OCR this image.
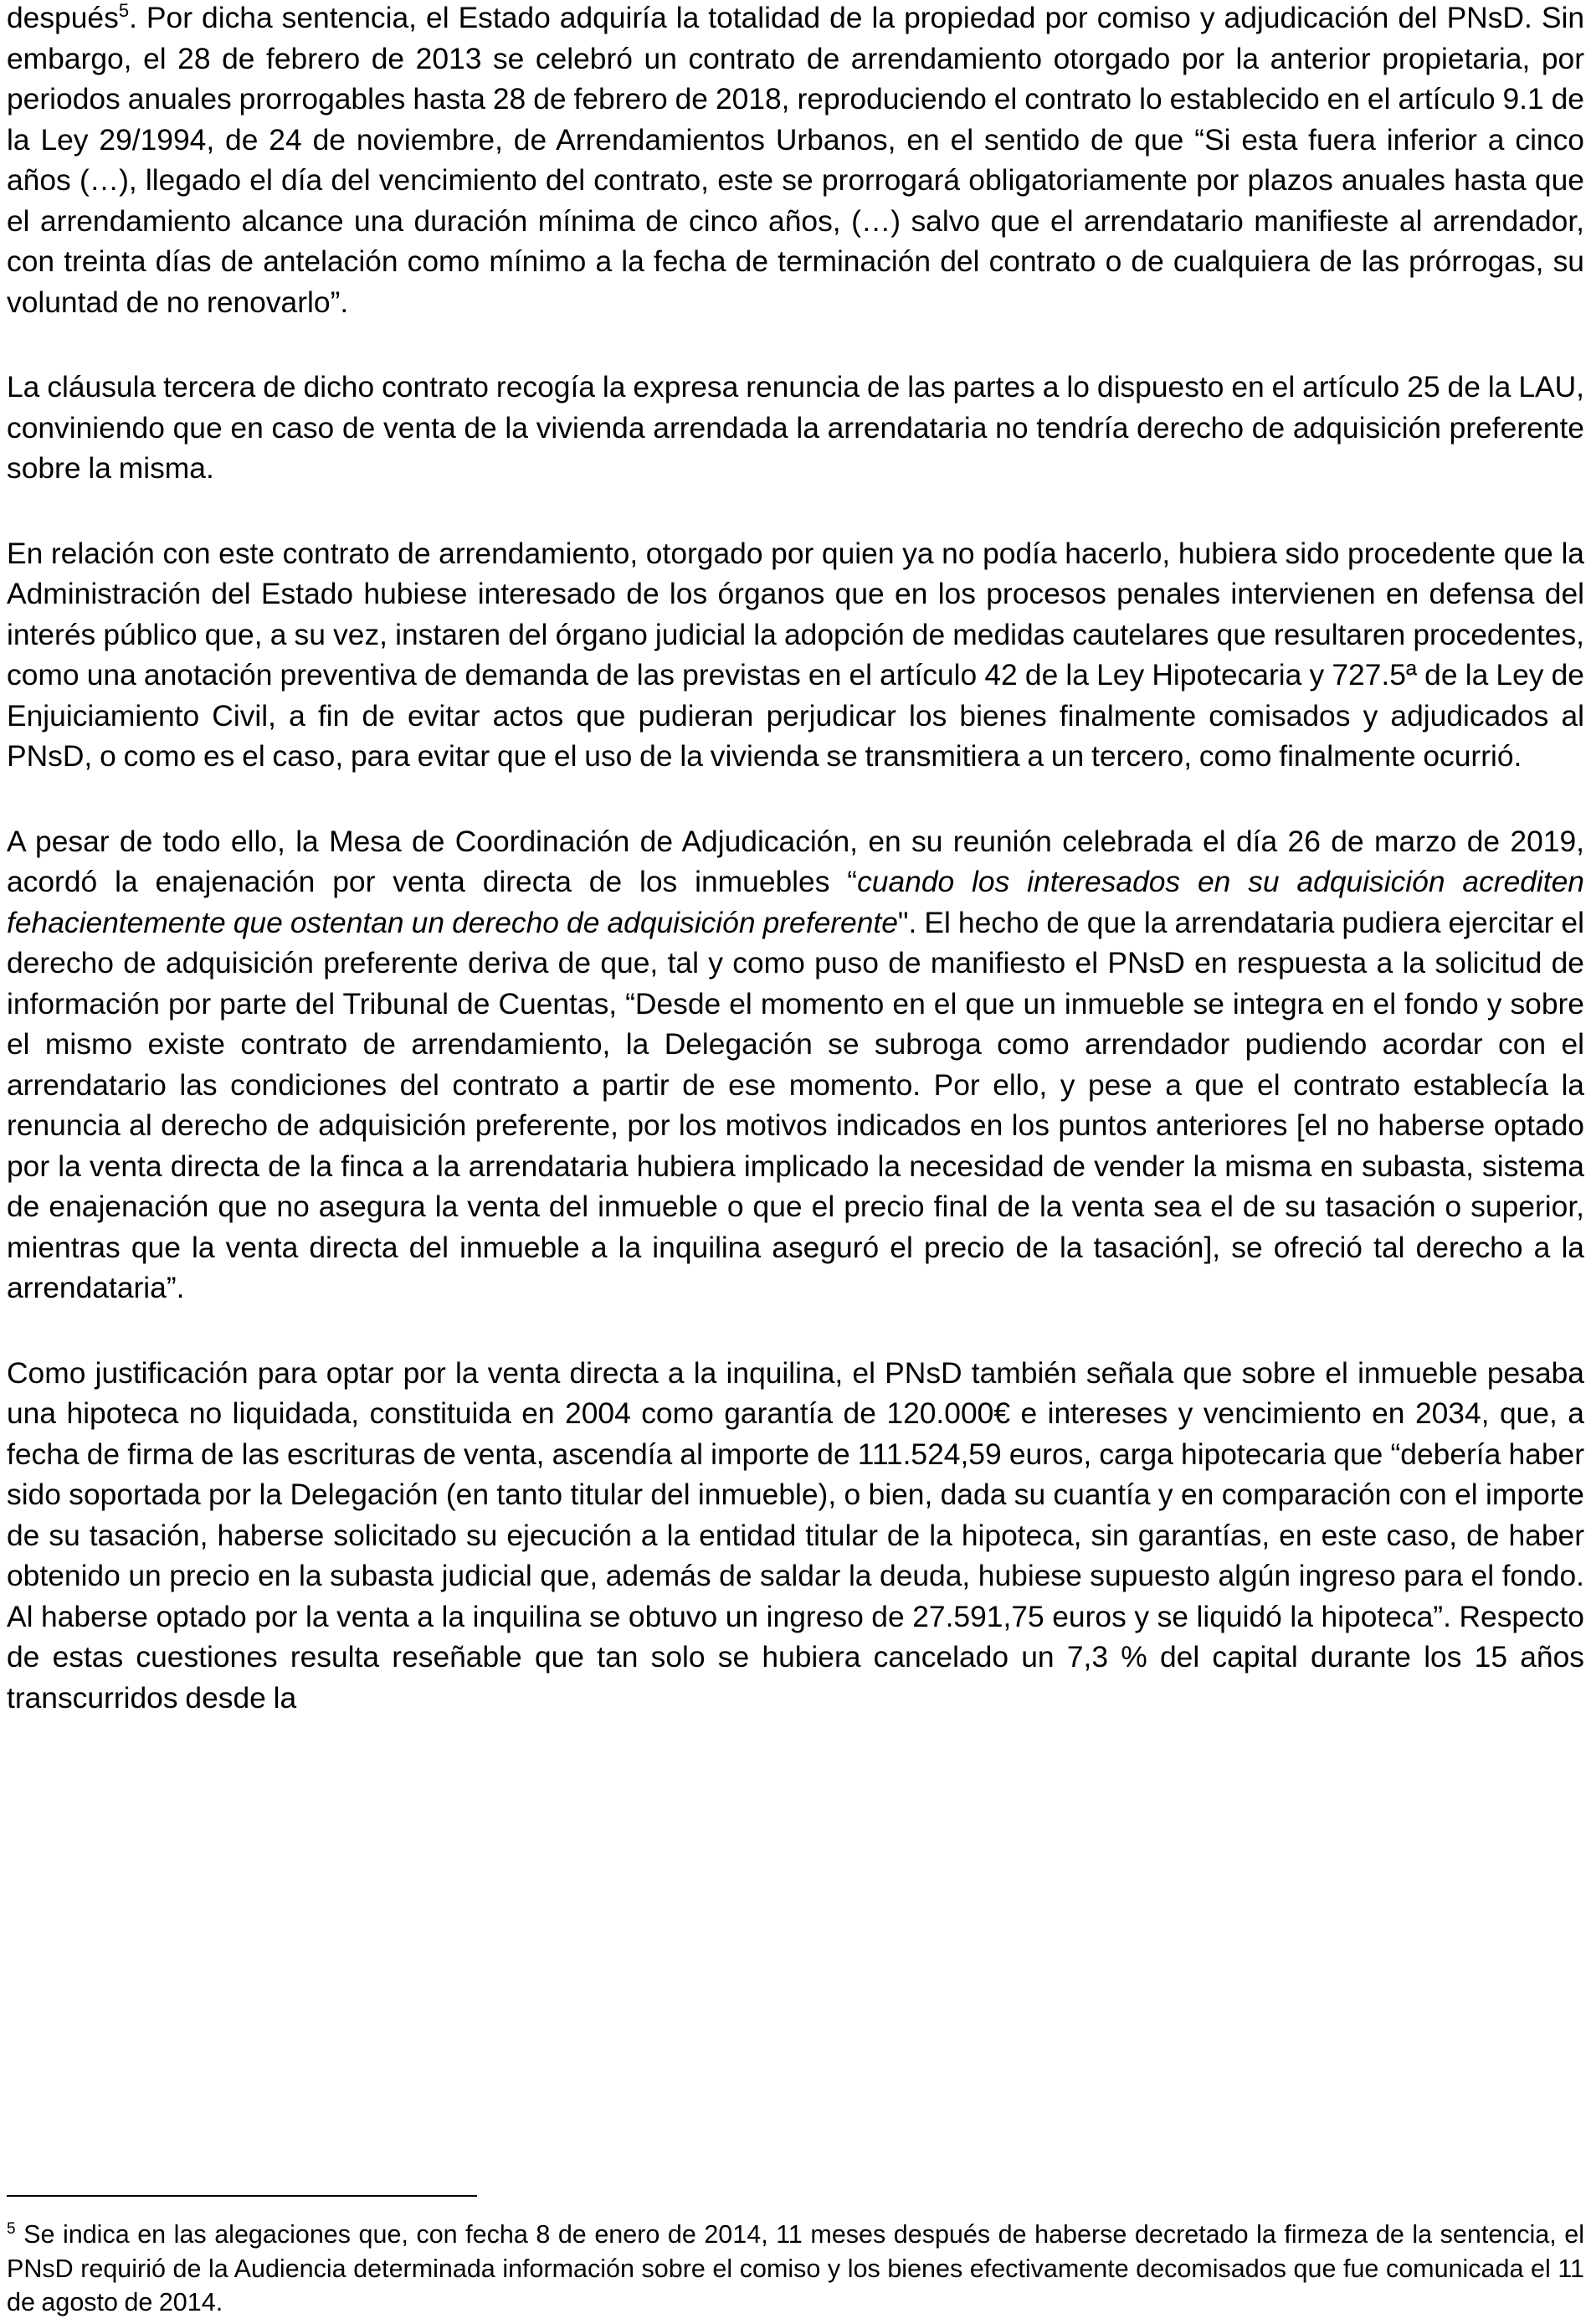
después$^5$. Por dicha sentencia, el Estado adquiría la totalidad de la propiedad por comiso y adjudicación del PNsD. Sin embargo, el 28 de febrero de 2013 se celebró un contrato de arrendamiento otorgado por la anterior propietaria, por periodos anuales prorrogables hasta 28 de febrero de 2018, reproduciendo el contrato lo establecido en el artículo 9.1 de la Ley 29/1994, de 24 de noviembre, de Arrendamientos Urbanos, en el sentido de que “Si esta fuera inferior a cinco años (…), llegado el día del vencimiento del contrato, este se prorrogará obligatoriamente por plazos anuales hasta que el arrendamiento alcance una duración mínima de cinco años, (…) salvo que el arrendatario manifieste al arrendador, con treinta días de antelación como mínimo a la fecha de terminación del contrato o de cualquiera de las prórrogas, su voluntad de no renovarlo”.

La cláusula tercera de dicho contrato recogía la expresa renuncia de las partes a lo dispuesto en el artículo 25 de la LAU, conviniendo que en caso de venta de la vivienda arrendada la arrendataria no tendría derecho de adquisición preferente sobre la misma.

En relación con este contrato de arrendamiento, otorgado por quien ya no podía hacerlo, hubiera sido procedente que la Administración del Estado hubiese interesado de los órganos que en los procesos penales intervienen en defensa del interés público que, a su vez, instaren del órgano judicial la adopción de medidas cautelares que resultaren procedentes, como una anotación preventiva de demanda de las previstas en el artículo 42 de la Ley Hipotecaria y 727.5ª de la Ley de Enjuiciamiento Civil, a fin de evitar actos que pudieran perjudicar los bienes finalmente comisados y adjudicados al PNsD, o como es el caso, para evitar que el uso de la vivienda se transmitiera a un tercero, como finalmente ocurrió.

A pesar de todo ello, la Mesa de Coordinación de Adjudicación, en su reunión celebrada el día 26 de marzo de 2019, acordó la enajenación por venta directa de los inmuebles “cuando los interesados en su adquisición acrediten fehacientemente que ostentan un derecho de adquisición preferente". El hecho de que la arrendataria pudiera ejercitar el derecho de adquisición preferente deriva de que, tal y como puso de manifiesto el PNsD en respuesta a la solicitud de información por parte del Tribunal de Cuentas, “Desde el momento en el que un inmueble se integra en el fondo y sobre el mismo existe contrato de arrendamiento, la Delegación se subroga como arrendador pudiendo acordar con el arrendatario las condiciones del contrato a partir de ese momento. Por ello, y pese a que el contrato establecía la renuncia al derecho de adquisición preferente, por los motivos indicados en los puntos anteriores [el no haberse optado por la venta directa de la finca a la arrendataria hubiera implicado la necesidad de vender la misma en subasta, sistema de enajenación que no asegura la venta del inmueble o que el precio final de la venta sea el de su tasación o superior, mientras que la venta directa del inmueble a la inquilina aseguró el precio de la tasación], se ofreció tal derecho a la arrendataria”.

Como justificación para optar por la venta directa a la inquilina, el PNsD también señala que sobre el inmueble pesaba una hipoteca no liquidada, constituida en 2004 como garantía de 120.000€ e intereses y vencimiento en 2034, que, a fecha de firma de las escrituras de venta, ascendía al importe de 111.524,59 euros, carga hipotecaria que “debería haber sido soportada por la Delegación (en tanto titular del inmueble), o bien, dada su cuantía y en comparación con el importe de su tasación, haberse solicitado su ejecución a la entidad titular de la hipoteca, sin garantías, en este caso, de haber obtenido un precio en la subasta judicial que, además de saldar la deuda, hubiese supuesto algún ingreso para el fondo. Al haberse optado por la venta a la inquilina se obtuvo un ingreso de 27.591,75 euros y se liquidó la hipoteca”. Respecto de estas cuestiones resulta reseñable que tan solo se hubiera cancelado un 7,3 % del capital durante los 15 años transcurridos desde la

$^5$ Se indica en las alegaciones que, con fecha 8 de enero de 2014, 11 meses después de haberse decretado la firmeza de la sentencia, el PNsD requirió de la Audiencia determinada información sobre el comiso y los bienes efectivamente decomisados que fue comunicada el 11 de agosto de 2014.
